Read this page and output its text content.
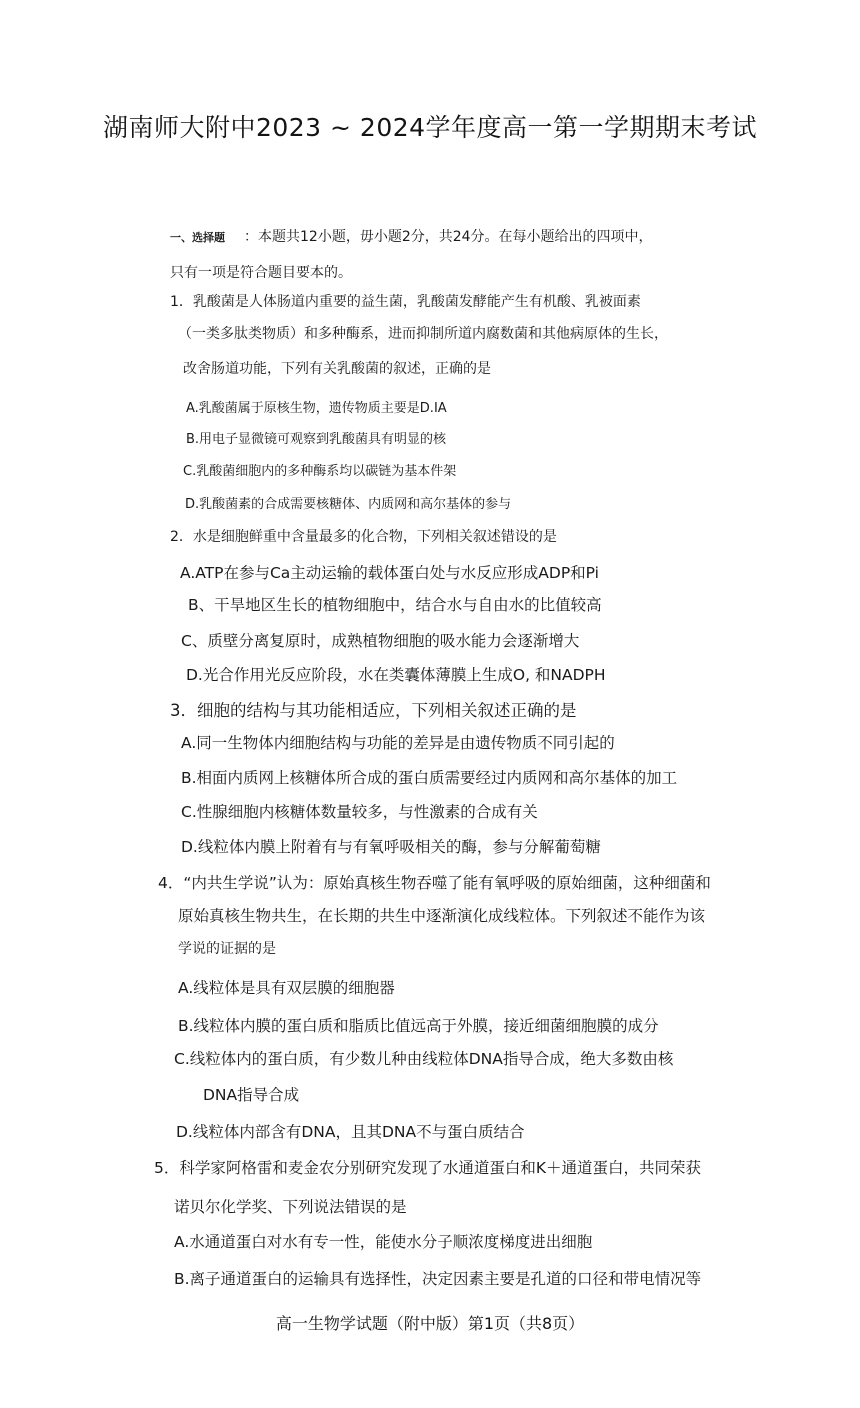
湖南师大附中2023 ~ 2024学年度高一第一学期期末考试
一、选择题 ：本题共12小题，毋小题2分，共24分。在每小题给出的四项中，
只有一项是符合题目要本的。
1．乳酸菌是人体肠道内重要的益生菌，乳酸菌发酵能产生有机酸、乳被面素
（一类多肽类物质）和多种酶系，进而抑制所道内腐数菌和其他病原体的生长，
改舍肠道功能，下列有关乳酸菌的叙述，正确的是
A.乳酸菌属于原核生物，遗传物质主要是D.IA
B.用电子显微镜可观察到乳酸菌具有明显的核
C.乳酸菌细胞内的多种酶系均以碳链为基本件架
D.乳酸菌素的合成需要核糖体、内质网和高尔基体的参与
2．水是细胞鲜重中含量最多的化合物，下列相关叙述错设的是
A.ATP在参与Ca主动运输的载体蛋白处与水反应形成ADP和Pi
B、干旱地区生长的植物细胞中，结合水与自由水的比值较高
C、质壁分离复原时，成熟植物细胞的吸水能力会逐渐增大
D.光合作用光反应阶段，水在类囊体薄膜上生成O, 和NADPH
3．细胞的结构与其功能相适应，下列相关叙述正确的是
A.同一生物体内细胞结构与功能的差异是由遗传物质不同引起的
B.相面内质网上核糖体所合成的蛋白质需要经过内质网和高尔基体的加工
C.性腺细胞内核糖体数量较多，与性激素的合成有关
D.线粒体内膜上附着有与有氧呼吸相关的酶，参与分解葡萄糖
4．“内共生学说”认为：原始真核生物吞噬了能有氧呼吸的原始细菌，这种细菌和
原始真核生物共生，在长期的共生中逐渐演化成线粒体。下列叙述不能作为该
学说的证据的是
A.线粒体是具有双层膜的细胞器
B.线粒体内膜的蛋白质和脂质比值远高于外膜，接近细菌细胞膜的成分
C.线粒体内的蛋白质，有少数儿种由线粒体DNA指导合成，绝大多数由核
DNA指导合成
D.线粒体内部含有DNA，且其DNA不与蛋白质结合
5．科学家阿格雷和麦金农分别研究发现了水通道蛋白和K＋通道蛋白，共同荣获
诺贝尔化学奖、下列说法错误的是
A.水通道蛋白对水有专一性，能使水分子顺浓度梯度进出细胞
B.离子通道蛋白的运输具有选择性，决定因素主要是孔道的口径和带电情况等
高一生物学试题（附中版）第1页（共8页）
